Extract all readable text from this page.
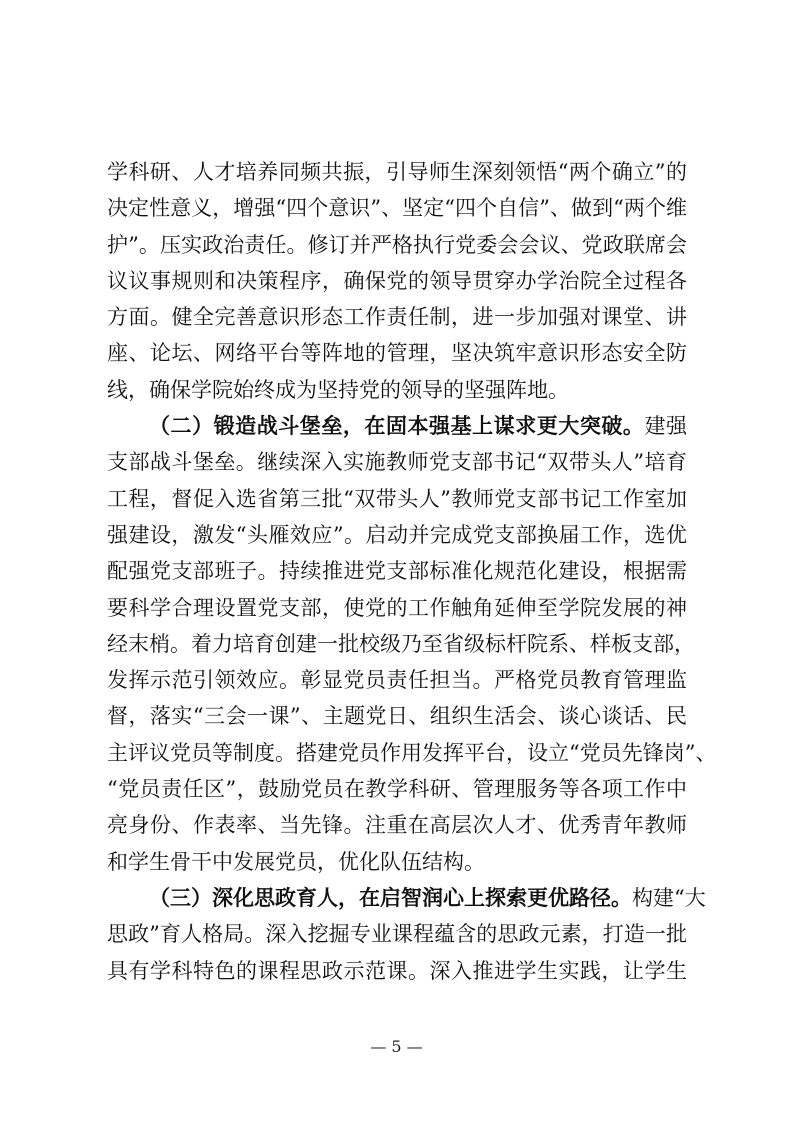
学科研、人才培养同频共振，引导师生深刻领悟“两个确立”的
决定性意义，增强“四个意识”、坚定“四个自信”、做到“两个维
护”。压实政治责任。修订并严格执行党委会会议、党政联席会
议议事规则和决策程序，确保党的领导贯穿办学治院全过程各
方面。健全完善意识形态工作责任制，进一步加强对课堂、讲
座、论坛、网络平台等阵地的管理，坚决筑牢意识形态安全防
线，确保学院始终成为坚持党的领导的坚强阵地。
（二）锻造战斗堡垒，在固本强基上谋求更大突破。建强
支部战斗堡垒。继续深入实施教师党支部书记“双带头人”培育
工程，督促入选省第三批“双带头人”教师党支部书记工作室加
强建设，激发“头雁效应”。启动并完成党支部换届工作，选优
配强党支部班子。持续推进党支部标准化规范化建设，根据需
要科学合理设置党支部，使党的工作触角延伸至学院发展的神
经末梢。着力培育创建一批校级乃至省级标杆院系、样板支部，
发挥示范引领效应。彰显党员责任担当。严格党员教育管理监
督，落实“三会一课”、主题党日、组织生活会、谈心谈话、民
主评议党员等制度。搭建党员作用发挥平台，设立“党员先锋岗”、
“党员责任区”，鼓励党员在教学科研、管理服务等各项工作中
亮身份、作表率、当先锋。注重在高层次人才、优秀青年教师
和学生骨干中发展党员，优化队伍结构。
（三）深化思政育人，在启智润心上探索更优路径。构建“大
思政”育人格局。深入挖掘专业课程蕴含的思政元素，打造一批
具有学科特色的课程思政示范课。深入推进学生实践，让学生
— 5 —
